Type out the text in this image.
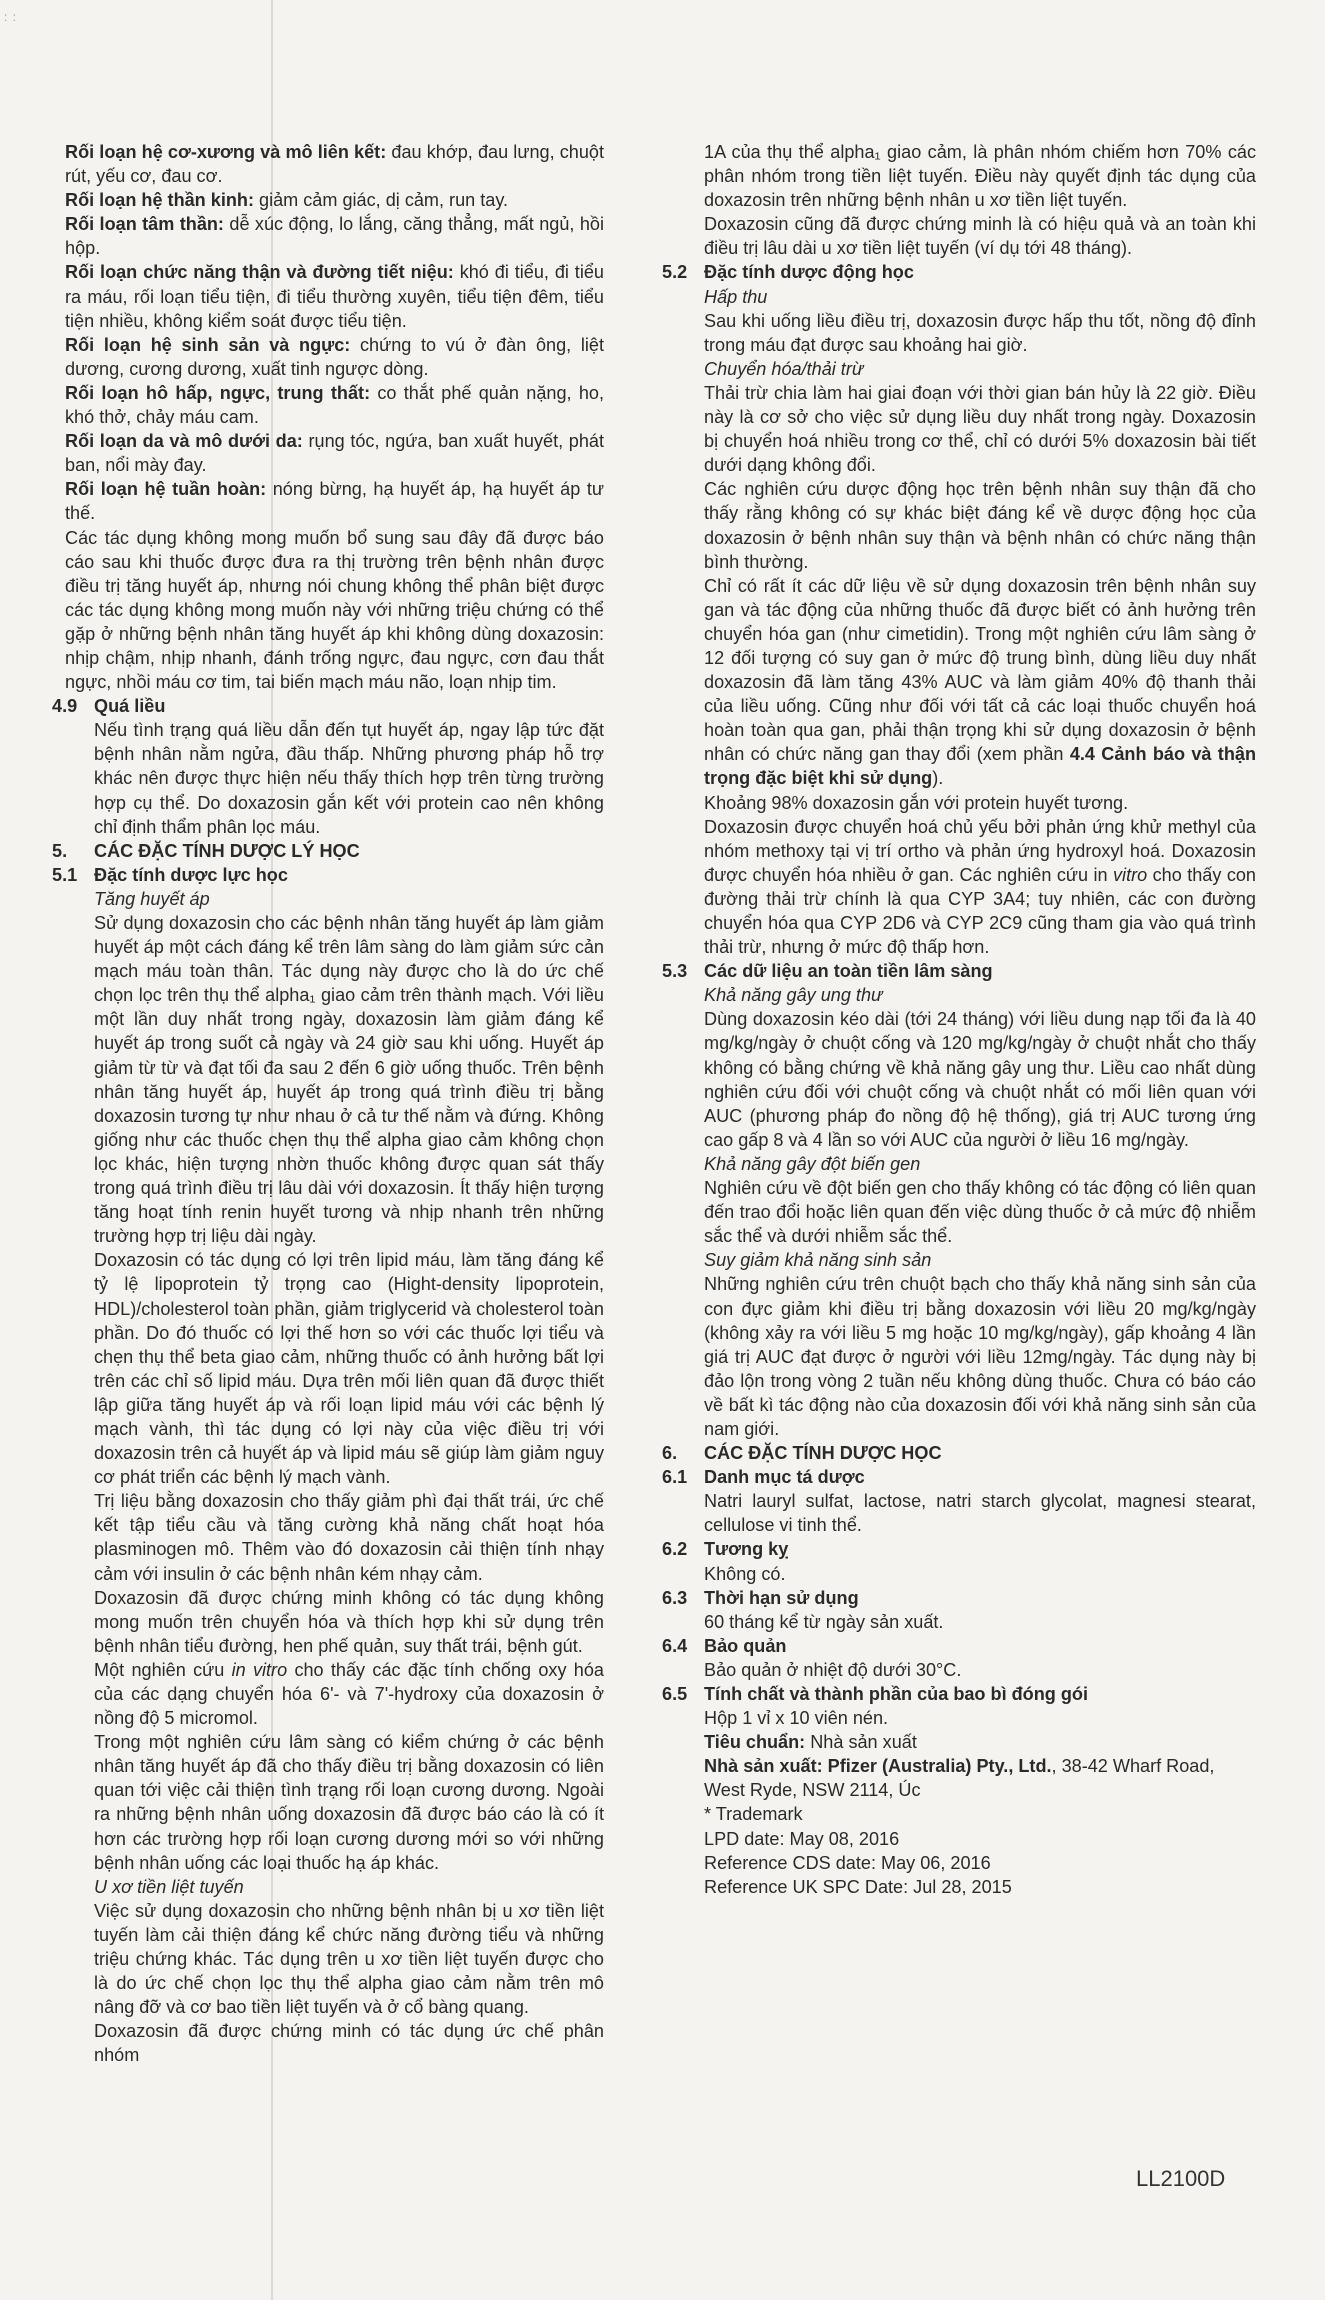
: :

Rối loạn hệ cơ-xương và mô liên kết: đau khớp, đau lưng, chuột rút, yếu cơ, đau cơ.

Rối loạn hệ thần kinh: giảm cảm giác, dị cảm, run tay.

Rối loạn tâm thần: dễ xúc động, lo lắng, căng thẳng, mất ngủ, hồi hộp.

Rối loạn chức năng thận và đường tiết niệu: khó đi tiểu, đi tiểu ra máu, rối loạn tiểu tiện, đi tiểu thường xuyên, tiểu tiện đêm, tiểu tiện nhiều, không kiểm soát được tiểu tiện.

Rối loạn hệ sinh sản và ngực: chứng to vú ở đàn ông, liệt dương, cương dương, xuất tinh ngược dòng.

Rối loạn hô hấp, ngực, trung thất: co thắt phế quản nặng, ho, khó thở, chảy máu cam.

Rối loạn da và mô dưới da: rụng tóc, ngứa, ban xuất huyết, phát ban, nổi mày đay.

Rối loạn hệ tuần hoàn: nóng bừng, hạ huyết áp, hạ huyết áp tư thế.

Các tác dụng không mong muốn bổ sung sau đây đã được báo cáo sau khi thuốc được đưa ra thị trường trên bệnh nhân được điều trị tăng huyết áp, nhưng nói chung không thể phân biệt được các tác dụng không mong muốn này với những triệu chứng có thể gặp ở những bệnh nhân tăng huyết áp khi không dùng doxazosin: nhịp chậm, nhịp nhanh, đánh trống ngực, đau ngực, cơn đau thắt ngực, nhồi máu cơ tim, tai biến mạch máu não, loạn nhịp tim.

4.9 Quá liều

Nếu tình trạng quá liều dẫn đến tụt huyết áp, ngay lập tức đặt bệnh nhân nằm ngửa, đầu thấp. Những phương pháp hỗ trợ khác nên được thực hiện nếu thấy thích hợp trên từng trường hợp cụ thể. Do doxazosin gắn kết với protein cao nên không chỉ định thẩm phân lọc máu.

5.	CÁC ĐẶC TÍNH DƯỢC LÝ HỌC
5.1 Đặc tính dược lực học

Tăng huyết áp

Sử dụng doxazosin cho các bệnh nhân tăng huyết áp làm giảm huyết áp một cách đáng kể trên lâm sàng do làm giảm sức cản mạch máu toàn thân. Tác dụng này được cho là do ức chế chọn lọc trên thụ thể alpha₁ giao cảm trên thành mạch. Với liều một lần duy nhất trong ngày, doxazosin làm giảm đáng kể huyết áp trong suốt cả ngày và 24 giờ sau khi uống. Huyết áp giảm từ từ và đạt tối đa sau 2 đến 6 giờ uống thuốc. Trên bệnh nhân tăng huyết áp, huyết áp trong quá trình điều trị bằng doxazosin tương tự như nhau ở cả tư thế nằm và đứng. Không giống như các thuốc chẹn thụ thể alpha giao cảm không chọn lọc khác, hiện tượng nhờn thuốc không được quan sát thấy trong quá trình điều trị lâu dài với doxazosin. Ít thấy hiện tượng tăng hoạt tính renin huyết tương và nhịp nhanh trên những trường hợp trị liệu dài ngày.

Doxazosin có tác dụng có lợi trên lipid máu, làm tăng đáng kể tỷ lệ lipoprotein tỷ trọng cao (Hight-density lipoprotein, HDL)/cholesterol toàn phần, giảm triglycerid và cholesterol toàn phần. Do đó thuốc có lợi thế hơn so với các thuốc lợi tiểu và chẹn thụ thể beta giao cảm, những thuốc có ảnh hưởng bất lợi trên các chỉ số lipid máu. Dựa trên mối liên quan đã được thiết lập giữa tăng huyết áp và rối loạn lipid máu với các bệnh lý mạch vành, thì tác dụng có lợi này của việc điều trị với doxazosin trên cả huyết áp và lipid máu sẽ giúp làm giảm nguy cơ phát triển các bệnh lý mạch vành.

Trị liệu bằng doxazosin cho thấy giảm phì đại thất trái, ức chế kết tập tiểu cầu và tăng cường khả năng chất hoạt hóa plasminogen mô. Thêm vào đó doxazosin cải thiện tính nhạy cảm với insulin ở các bệnh nhân kém nhạy cảm.

Doxazosin đã được chứng minh không có tác dụng không mong muốn trên chuyển hóa và thích hợp khi sử dụng trên bệnh nhân tiểu đường, hen phế quản, suy thất trái, bệnh gút.

Một nghiên cứu in vitro cho thấy các đặc tính chống oxy hóa của các dạng chuyển hóa 6'- và 7'-hydroxy của doxazosin ở nồng độ 5 micromol.

Trong một nghiên cứu lâm sàng có kiểm chứng ở các bệnh nhân tăng huyết áp đã cho thấy điều trị bằng doxazosin có liên quan tới việc cải thiện tình trạng rối loạn cương dương. Ngoài ra những bệnh nhân uống doxazosin đã được báo cáo là có ít hơn các trường hợp rối loạn cương dương mới so với những bệnh nhân uống các loại thuốc hạ áp khác.

U xơ tiền liệt tuyến

Việc sử dụng doxazosin cho những bệnh nhân bị u xơ tiền liệt tuyến làm cải thiện đáng kể chức năng đường tiểu và những triệu chứng khác. Tác dụng trên u xơ tiền liệt tuyến được cho là do ức chế chọn lọc thụ thể alpha giao cảm nằm trên mô nâng đỡ và cơ bao tiền liệt tuyến và ở cổ bàng quang.

Doxazosin đã được chứng minh có tác dụng ức chế phân nhóm

1A của thụ thể alpha₁ giao cảm, là phân nhóm chiếm hơn 70% các phân nhóm trong tiền liệt tuyến. Điều này quyết định tác dụng của doxazosin trên những bệnh nhân u xơ tiền liệt tuyến.

Doxazosin cũng đã được chứng minh là có hiệu quả và an toàn khi điều trị lâu dài u xơ tiền liệt tuyến (ví dụ tới 48 tháng).

5.2 Đặc tính dược động học

Hấp thu

Sau khi uống liều điều trị, doxazosin được hấp thu tốt, nồng độ đỉnh trong máu đạt được sau khoảng hai giờ.

Chuyển hóa/thải trừ

Thải trừ chia làm hai giai đoạn với thời gian bán hủy là 22 giờ. Điều này là cơ sở cho việc sử dụng liều duy nhất trong ngày. Doxazosin bị chuyển hoá nhiều trong cơ thể, chỉ có dưới 5% doxazosin bài tiết dưới dạng không đổi.

Các nghiên cứu dược động học trên bệnh nhân suy thận đã cho thấy rằng không có sự khác biệt đáng kể về dược động học của doxazosin ở bệnh nhân suy thận và bệnh nhân có chức năng thận bình thường.

Chỉ có rất ít các dữ liệu về sử dụng doxazosin trên bệnh nhân suy gan và tác động của những thuốc đã được biết có ảnh hưởng trên chuyển hóa gan (như cimetidin). Trong một nghiên cứu lâm sàng ở 12 đối tượng có suy gan ở mức độ trung bình, dùng liều duy nhất doxazosin đã làm tăng 43% AUC và làm giảm 40% độ thanh thải của liều uống. Cũng như đối với tất cả các loại thuốc chuyển hoá hoàn toàn qua gan, phải thận trọng khi sử dụng doxazosin ở bệnh nhân có chức năng gan thay đổi (xem phần 4.4 Cảnh báo và thận trọng đặc biệt khi sử dụng).

Khoảng 98% doxazosin gắn với protein huyết tương.

Doxazosin được chuyển hoá chủ yếu bởi phản ứng khử methyl của nhóm methoxy tại vị trí ortho và phản ứng hydroxyl hoá. Doxazosin được chuyển hóa nhiều ở gan. Các nghiên cứu in vitro cho thấy con đường thải trừ chính là qua CYP 3A4; tuy nhiên, các con đường chuyển hóa qua CYP 2D6 và CYP 2C9 cũng tham gia vào quá trình thải trừ, nhưng ở mức độ thấp hơn.

5.3 Các dữ liệu an toàn tiền lâm sàng

Khả năng gây ung thư

Dùng doxazosin kéo dài (tới 24 tháng) với liều dung nạp tối đa là 40 mg/kg/ngày ở chuột cống và 120 mg/kg/ngày ở chuột nhắt cho thấy không có bằng chứng về khả năng gây ung thư. Liều cao nhất dùng nghiên cứu đối với chuột cống và chuột nhắt có mối liên quan với AUC (phương pháp đo nồng độ hệ thống), giá trị AUC tương ứng cao gấp 8 và 4 lần so với AUC của người ở liều 16 mg/ngày.

Khả năng gây đột biến gen

Nghiên cứu về đột biến gen cho thấy không có tác động có liên quan đến trao đổi hoặc liên quan đến việc dùng thuốc ở cả mức độ nhiễm sắc thể và dưới nhiễm sắc thể.

Suy giảm khả năng sinh sản

Những nghiên cứu trên chuột bạch cho thấy khả năng sinh sản của con đực giảm khi điều trị bằng doxazosin với liều 20 mg/kg/ngày (không xảy ra với liều 5 mg hoặc 10 mg/kg/ngày), gấp khoảng 4 lần giá trị AUC đạt được ở người với liều 12mg/ngày. Tác dụng này bị đảo lộn trong vòng 2 tuần nếu không dùng thuốc. Chưa có báo cáo về bất kì tác động nào của doxazosin đối với khả năng sinh sản của nam giới.

6.	CÁC ĐẶC TÍNH DƯỢC HỌC
6.1 Danh mục tá dược

Natri lauryl sulfat, lactose, natri starch glycolat, magnesi stearat, cellulose vi tinh thể.

6.2 Tương kỵ

Không có.

6.3 Thời hạn sử dụng

60 tháng kể từ ngày sản xuất.

6.4 Bảo quản

Bảo quản ở nhiệt độ dưới 30°C.

6.5 Tính chất và thành phần của bao bì đóng gói

Hộp 1 vỉ x 10 viên nén.

Tiêu chuẩn: Nhà sản xuất

Nhà sản xuất: Pfizer (Australia) Pty., Ltd., 38-42 Wharf Road, West Ryde, NSW 2114, Úc

* Trademark

LPD date: May 08, 2016

Reference CDS date: May 06, 2016

Reference UK SPC Date: Jul 28, 2015

LL2100D
